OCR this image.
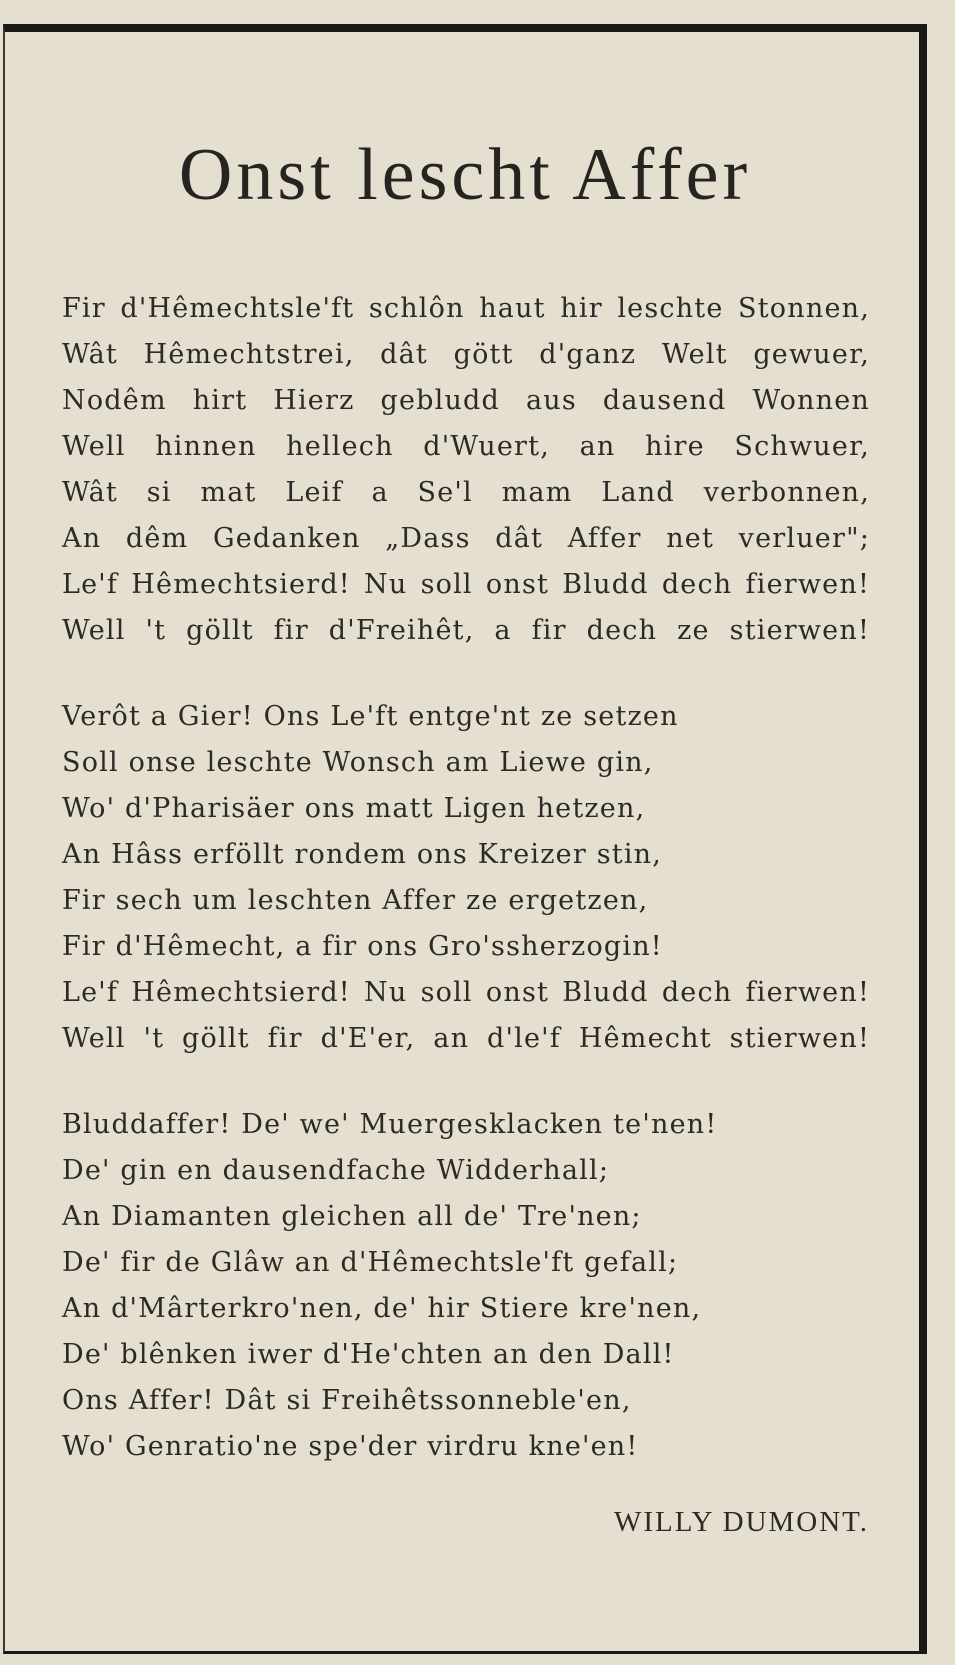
Onst lescht Affer
Fir d'Hêmechtsle'ft schlôn haut hir leschte Stonnen,
Wât Hêmechtstrei, dât gött d'ganz Welt gewuer,
Nodêm hirt Hierz gebludd aus dausend Wonnen
Well hinnen hellech d'Wuert, an hire Schwuer,
Wât si mat Leif a Se'l mam Land verbonnen,
An dêm Gedanken „Dass dât Affer net verluer";
Le'f Hêmechtsierd! Nu soll onst Bludd dech fierwen!
Well 't göllt fir d'Freihêt, a fir dech ze stierwen!
Verôt a Gier! Ons Le'ft entge'nt ze setzen
Soll onse leschte Wonsch am Liewe gin,
Wo' d'Pharisäer ons matt Ligen hetzen,
An Hâss erföllt rondem ons Kreizer stin,
Fir sech um leschten Affer ze ergetzen,
Fir d'Hêmecht, a fir ons Gro'ssherzogin!
Le'f Hêmechtsierd! Nu soll onst Bludd dech fierwen!
Well 't göllt fir d'E'er, an d'le'f Hêmecht stierwen!
Bluddaffer! De' we' Muergesklacken te'nen!
De' gin en dausendfache Widderhall;
An Diamanten gleichen all de' Tre'nen;
De' fir de Glâw an d'Hêmechtsle'ft gefall;
An d'Mârterkro'nen, de' hir Stiere kre'nen,
De' blênken iwer d'He'chten an den Dall!
Ons Affer! Dât si Freihêtssonneble'en,
Wo' Genratio'ne spe'der virdru kne'en!
WILLY DUMONT.
